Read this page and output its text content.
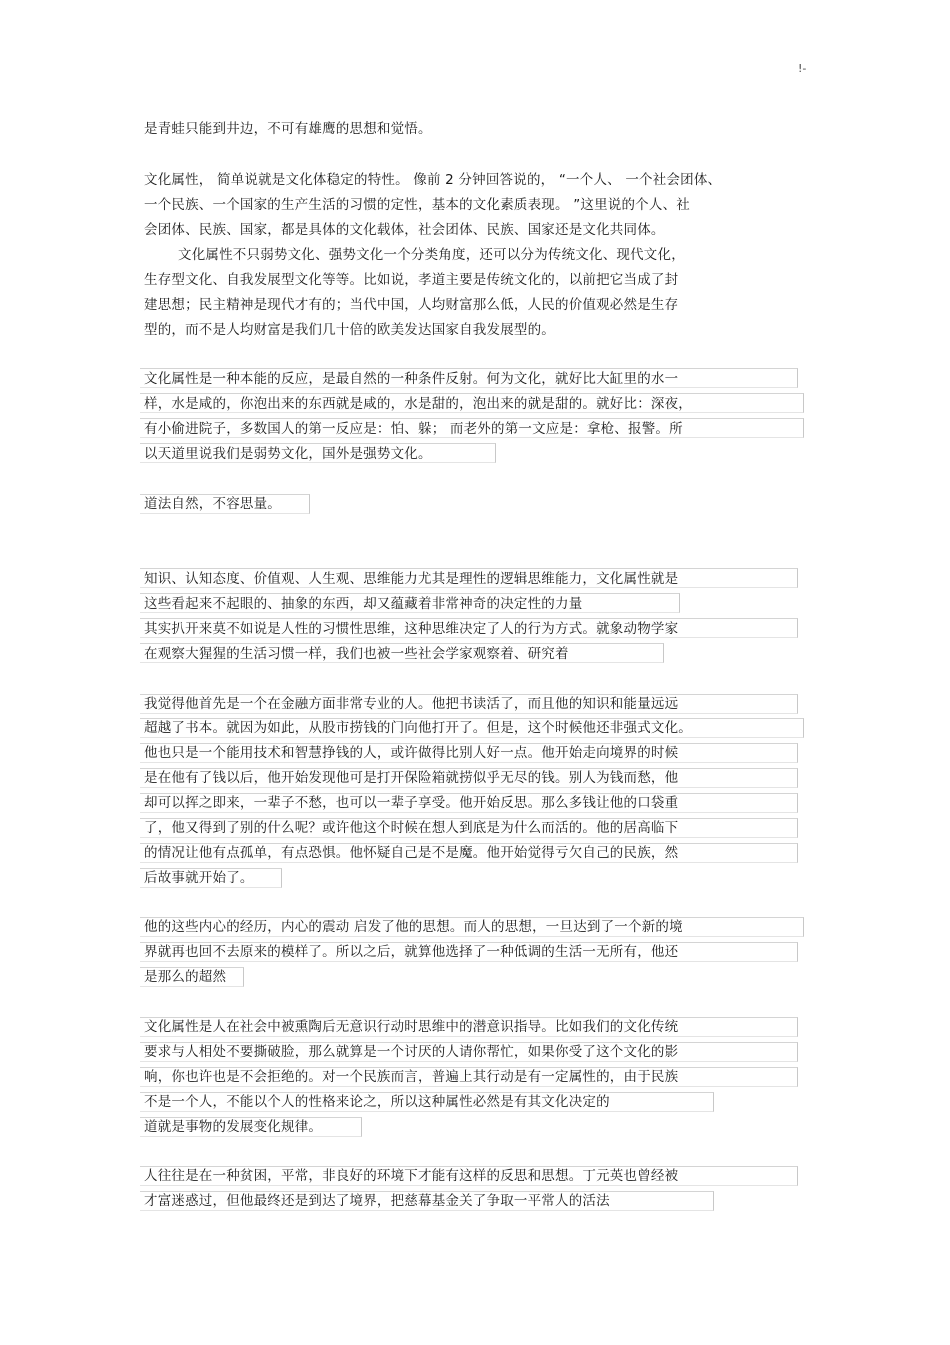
!-
是青蛙只能到井边，不可有雄鹰的思想和觉悟。
文化属性， 简单说就是文化体稳定的特性。 像前 2 分钟回答说的， “一个人、 一个社会团体、
一个民族、一个国家的生产生活的习惯的定性，基本的文化素质表现。 ”这里说的个人、社
会团体、民族、国家，都是具体的文化载体，社会团体、民族、国家还是文化共同体。
文化属性不只弱势文化、强势文化一个分类角度，还可以分为传统文化、现代文化，
生存型文化、自我发展型文化等等。比如说，孝道主要是传统文化的，以前把它当成了封
建思想；民主精神是现代才有的；当代中国，人均财富那么低，人民的价值观必然是生存
型的，而不是人均财富是我们几十倍的欧美发达国家自我发展型的。
文化属性是一种本能的反应，是最自然的一种条件反射。何为文化，就好比大缸里的水一
样，水是咸的，你泡出来的东西就是咸的，水是甜的，泡出来的就是甜的。就好比：深夜，
有小偷进院子，多数国人的第一反应是：怕、躲； 而老外的第一文应是：拿枪、报警。所
以天道里说我们是弱势文化，国外是强势文化。
道法自然，不容思量。
知识、认知态度、价值观、人生观、思维能力尤其是理性的逻辑思维能力，文化属性就是
这些看起来不起眼的、抽象的东西，却又蕴藏着非常神奇的决定性的力量
其实扒开来莫不如说是人性的习惯性思维，这种思维决定了人的行为方式。就象动物学家
在观察大猩猩的生活习惯一样，我们也被一些社会学家观察着、研究着
我觉得他首先是一个在金融方面非常专业的人。他把书读活了，而且他的知识和能量远远
超越了书本。就因为如此，从股市捞钱的门向他打开了。但是，这个时候他还非强式文化。
他也只是一个能用技术和智慧挣钱的人，或许做得比别人好一点。他开始走向境界的时候
是在他有了钱以后，他开始发现他可是打开保险箱就捞似乎无尽的钱。别人为钱而愁，他
却可以挥之即来，一辈子不愁，也可以一辈子享受。他开始反思。那么多钱让他的口袋重
了，他又得到了别的什么呢？或许他这个时候在想人到底是为什么而活的。他的居高临下
的情况让他有点孤单，有点恐惧。他怀疑自己是不是魔。他开始觉得亏欠自己的民族，然
后故事就开始了。
他的这些内心的经历，内心的震动 启发了他的思想。而人的思想，一旦达到了一个新的境
界就再也回不去原来的模样了。所以之后，就算他选择了一种低调的生活一无所有，他还
是那么的超然
文化属性是人在社会中被熏陶后无意识行动时思维中的潜意识指导。比如我们的文化传统
要求与人相处不要撕破脸，那么就算是一个讨厌的人请你帮忙，如果你受了这个文化的影
响，你也许也是不会拒绝的。对一个民族而言，普遍上其行动是有一定属性的，由于民族
不是一个人，不能以个人的性格来论之，所以这种属性必然是有其文化决定的
道就是事物的发展变化规律。
人往往是在一种贫困，平常，非良好的环境下才能有这样的反思和思想。丁元英也曾经被
才富迷惑过，但他最终还是到达了境界，把慈幕基金关了争取一平常人的活法
